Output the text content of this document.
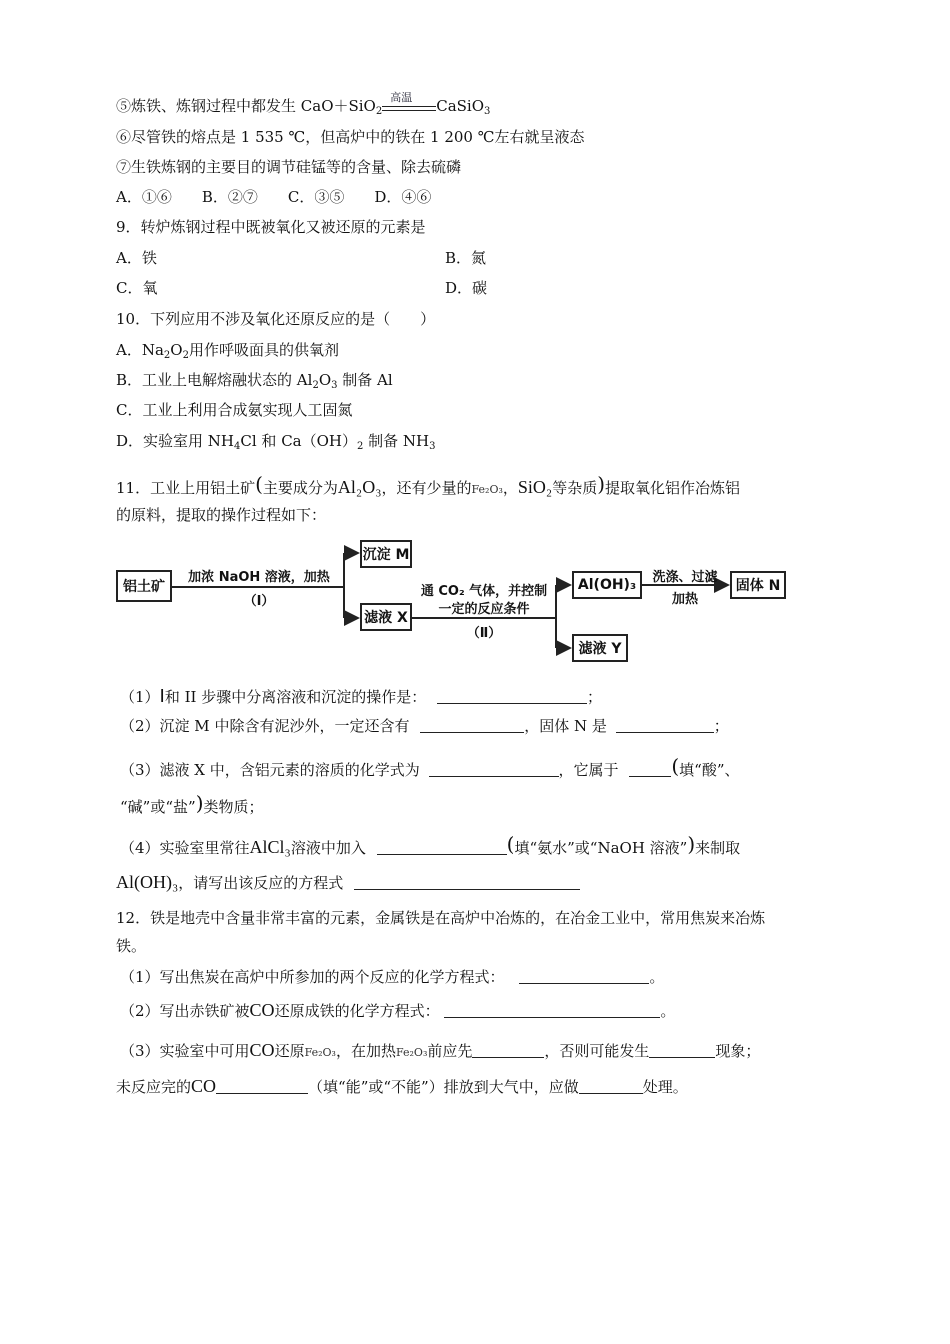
⑤炼铁、炼钢过程中都发生 CaO＋SiO$_2$
高温 CaSiO$_3$
⑥尽管铁的熔点是 1 535 ℃，但高炉中的铁在 1 200 ℃左右就呈液态
⑦生铁炼钢的主要目的调节硅锰等的含量、除去硫磷
A．①⑥　　B．②⑦　　C．③⑤　　D．④⑥
9．转炉炼钢过程中既被氧化又被还原的元素是
A．铁	B．氮
C．氧	D．碳
10．下列应用不涉及氧化还原反应的是（　　）
A．$Na_2O_2$用作呼吸面具的供氧剂
B．工业上电解熔融状态的 $Al_2O_3$ 制备 Al
C．工业上利用合成氨实现人工固氮
D．实验室用 $NH_4Cl$ 和 $Ca(OH)_2$ 制备 $NH_3$
11．工业上用铝土矿(主要成分为Al₂O₃，还有少量的Fe₂O₃，SiO₂等杂质)提取氧化铝作冶炼铝
的原料，提取的操作过程如下：
铝土矿
加浓 NaOH 溶液，加热
（Ⅰ）
沉淀 M
滤液 X
通 CO₂ 气体，并控制
一定的反应条件
（Ⅱ）
Al(OH)₃
滤液 Y
洗涤、过滤
加热
固体 N
（1）Ⅰ和 II 步骤中分离溶液和沉淀的操作是：	；
（2）沉淀 M 中除含有泥沙外，一定还含有	，固体 N 是	；
（3）滤液 X 中，含铝元素的溶质的化学式为	，它属于	(填“酸”、
“碱”或“盐”)类物质；
（4）实验室里常往AlCl₃溶液中加入	(填“氨水”或“NaOH 溶液”)来制取
Al(OH)₃，请写出该反应的方程式
12．铁是地壳中含量非常丰富的元素，金属铁是在高炉中冶炼的，在冶金工业中，常用焦炭来冶炼
铁。
（1）写出焦炭在高炉中所参加的两个反应的化学方程式：	。
（2）写出赤铁矿被CO还原成铁的化学方程式：	。
（3）实验室中可用CO还原Fe₂O₃，在加热Fe₂O₃前应先	，否则可能发生	现象；
未反应完的CO	（填“能”或“不能”）排放到大气中，应做	处理。
